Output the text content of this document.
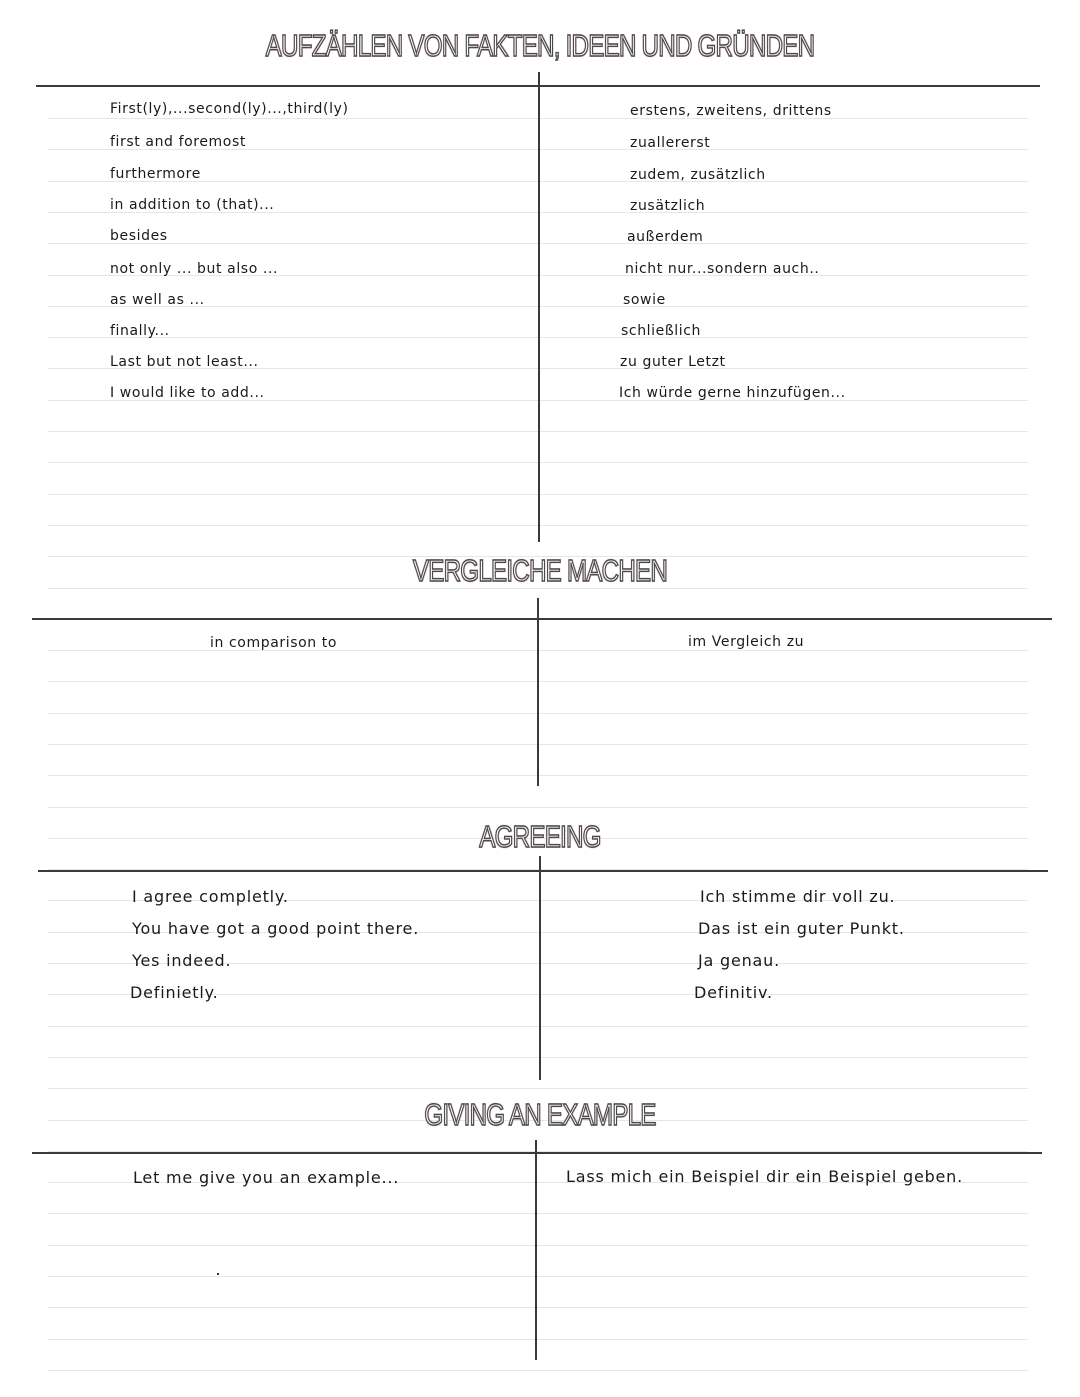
AUFZÄHLEN VON FAKTEN, IDEEN UND GRÜNDEN
First(ly),...second(ly)...,third(ly)
first and foremost
furthermore
in addition to (that)...
besides
not only ... but also ...
as well as ...
finally...
Last but not least...
I would like to add...
erstens, zweitens, drittens
zuallererst
zudem, zusätzlich
zusätzlich
außerdem
nicht nur...sondern auch..
sowie
schließlich
zu guter Letzt
Ich würde gerne hinzufügen...
VERGLEICHE MACHEN
in comparison to	im Vergleich zu
AGREEING
I agree completly.
You have got a good point there.
Yes indeed.
Definietly.
Ich stimme dir voll zu.
Das ist ein guter Punkt.
Ja genau.
Definitiv.
GIVING AN EXAMPLE
Let me give you an example...	Lass mich ein Beispiel dir ein Beispiel geben.
